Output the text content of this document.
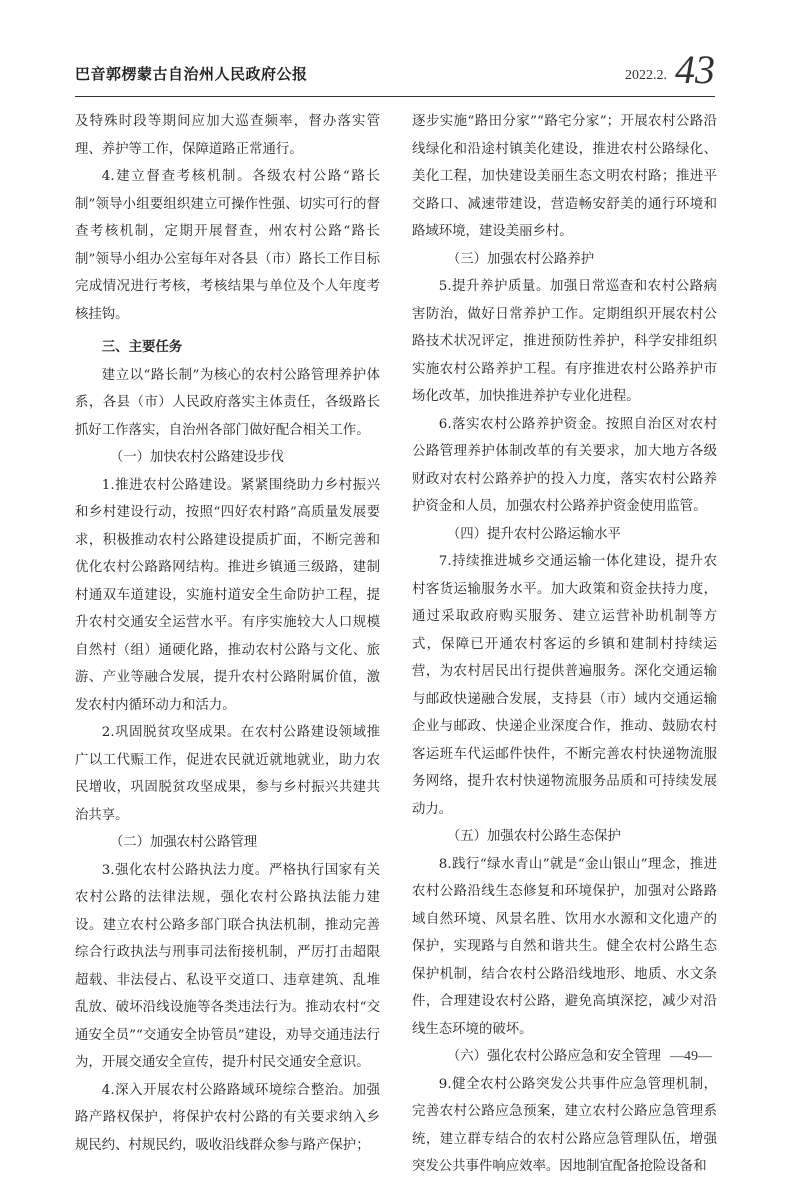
巴音郭楞蒙古自治州人民政府公报	2022.2. 43

及特殊时段等期间应加大巡查频率，督办落实管理、养护等工作，保障道路正常通行。

4.建立督查考核机制。各级农村公路“路长制”领导小组要组织建立可操作性强、切实可行的督查考核机制，定期开展督查，州农村公路“路长制”领导小组办公室每年对各县（市）路长工作目标完成情况进行考核，考核结果与单位及个人年度考核挂钩。

三、主要任务

建立以“路长制”为核心的农村公路管理养护体系，各县（市）人民政府落实主体责任，各级路长抓好工作落实，自治州各部门做好配合相关工作。

（一）加快农村公路建设步伐

1.推进农村公路建设。紧紧围绕助力乡村振兴和乡村建设行动，按照“四好农村路”高质量发展要求，积极推动农村公路建设提质扩面，不断完善和优化农村公路路网结构。推进乡镇通三级路，建制村通双车道建设，实施村道安全生命防护工程，提升农村交通安全运营水平。有序实施较大人口规模自然村（组）通硬化路，推动农村公路与文化、旅游、产业等融合发展，提升农村公路附属价值，激发农村内循环动力和活力。

2.巩固脱贫攻坚成果。在农村公路建设领域推广以工代赈工作，促进农民就近就地就业，助力农民增收，巩固脱贫攻坚成果，参与乡村振兴共建共治共享。

（二）加强农村公路管理

3.强化农村公路执法力度。严格执行国家有关农村公路的法律法规，强化农村公路执法能力建设。建立农村公路多部门联合执法机制，推动完善综合行政执法与刑事司法衔接机制，严厉打击超限超载、非法侵占、私设平交道口、违章建筑、乱堆乱放、破坏沿线设施等各类违法行为。推动农村“交通安全员”“交通安全协管员”建设，劝导交通违法行为，开展交通安全宣传，提升村民交通安全意识。

4.深入开展农村公路路域环境综合整治。加强路产路权保护，将保护农村公路的有关要求纳入乡规民约、村规民约，吸收沿线群众参与路产保护；

逐步实施“路田分家”“路宅分家”；开展农村公路沿线绿化和沿途村镇美化建设，推进农村公路绿化、美化工程，加快建设美丽生态文明农村路；推进平交路口、减速带建设，营造畅安舒美的通行环境和路域环境，建设美丽乡村。

（三）加强农村公路养护

5.提升养护质量。加强日常巡查和农村公路病害防治，做好日常养护工作。定期组织开展农村公路技术状况评定，推进预防性养护，科学安排组织实施农村公路养护工程。有序推进农村公路养护市场化改革，加快推进养护专业化进程。

6.落实农村公路养护资金。按照自治区对农村公路管理养护体制改革的有关要求，加大地方各级财政对农村公路养护的投入力度，落实农村公路养护资金和人员，加强农村公路养护资金使用监管。

（四）提升农村公路运输水平

7.持续推进城乡交通运输一体化建设，提升农村客货运输服务水平。加大政策和资金扶持力度，通过采取政府购买服务、建立运营补助机制等方式，保障已开通农村客运的乡镇和建制村持续运营，为农村居民出行提供普遍服务。深化交通运输与邮政快递融合发展，支持县（市）域内交通运输企业与邮政、快递企业深度合作，推动、鼓励农村客运班车代运邮件快件，不断完善农村快递物流服务网络，提升农村快递物流服务品质和可持续发展动力。

（五）加强农村公路生态保护

8.践行“绿水青山”就是“金山银山”理念，推进农村公路沿线生态修复和环境保护，加强对公路路域自然环境、风景名胜、饮用水水源和文化遗产的保护，实现路与自然和谐共生。健全农村公路生态保护机制，结合农村公路沿线地形、地质、水文条件，合理建设农村公路，避免高填深挖，减少对沿线生态环境的破坏。

（六）强化农村公路应急和安全管理

9.健全农村公路突发公共事件应急管理机制，完善农村公路应急预案，建立农村公路应急管理系统，建立群专结合的农村公路应急管理队伍，增强突发公共事件响应效率。因地制宜配备抢险设备和

—49—
